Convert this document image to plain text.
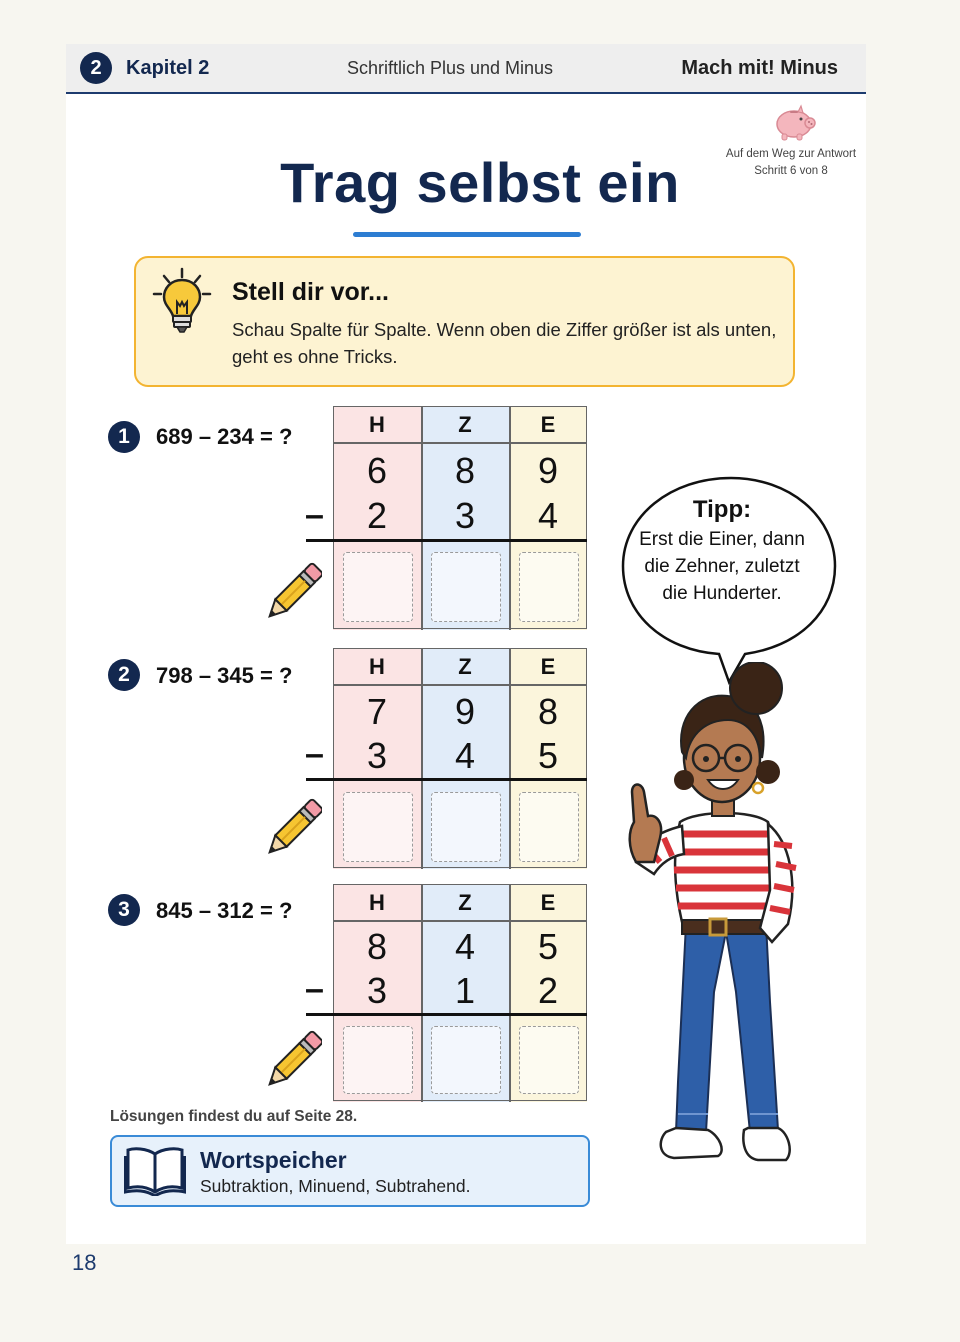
2	Kapitel 2	Schriftlich Plus und Minus	Mach mit! Minus
Auf dem Weg zur Antwort
Schritt 6 von 8
Trag selbst ein
Stell dir vor...
Schau Spalte für Spalte. Wenn oben die Ziffer größer ist als unten, geht es ohne Tricks.
1	689 – 234 = ?	H	Z	E
6	8	9
–	2	3	4
2	798 – 345 = ?	H	Z	E
7	9	8
–	3	4	5
3	845 – 312 = ?	H	Z	E
8	4	5
–	3	1	2
Tipp:
Erst die Einer, dann die Zehner, zuletzt die Hunderter.
Lösungen findest du auf Seite 28.
Wortspeicher
Subtraktion, Minuend, Subtrahend.
18
